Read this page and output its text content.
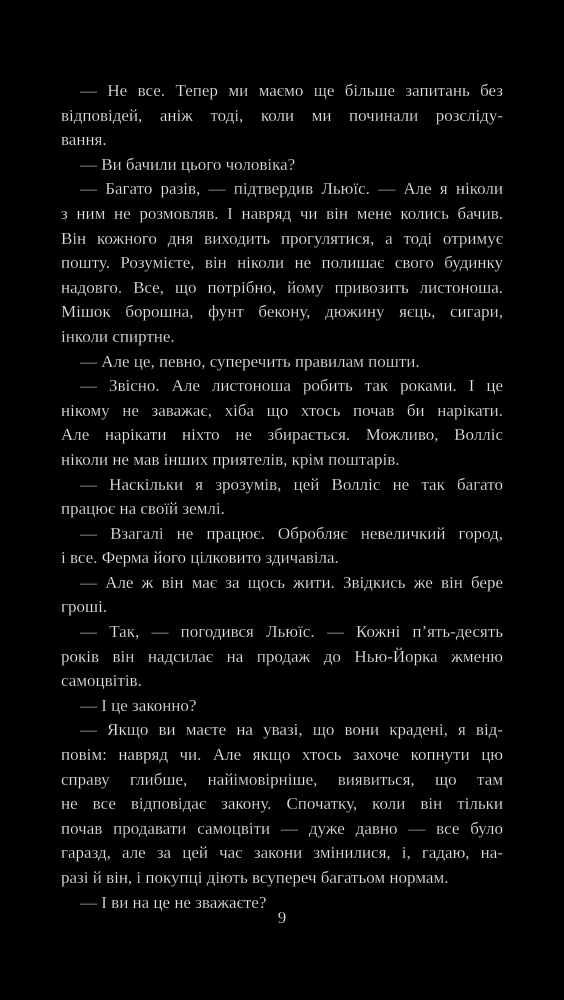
— Не все. Тепер ми маємо ще більше запитань без
відповідей, аніж тоді, коли ми починали розсліду-
вання.
— Ви бачили цього чоловіка?
— Багато разів, — підтвердив Льюїс. — Але я ніколи
з ним не розмовляв. І навряд чи він мене колись бачив.
Він кожного дня виходить прогулятися, а тоді отримує
пошту. Розумієте, він ніколи не полишає свого будинку
надовго. Все, що потрібно, йому привозить листоноша.
Мішок борошна, фунт бекону, дюжину яєць, сигари,
інколи спиртне.
— Але це, певно, суперечить правилам пошти.
— Звісно. Але листоноша робить так роками. І це
нікому не заважає, хіба що хтось почав би нарікати.
Але нарікати ніхто не збирається. Можливо, Волліс
ніколи не мав інших приятелів, крім поштарів.
— Наскільки я зрозумів, цей Волліс не так багато
працює на своїй землі.
— Взагалі не працює. Обробляє невеличкий город,
і все. Ферма його цілковито здичавіла.
— Але ж він має за щось жити. Звідкись же він бере
гроші.
— Так, — погодився Льюїс. — Кожні п’ять-десять
років він надсилає на продаж до Нью-Йорка жменю
самоцвітів.
— І це законно?
— Якщо ви маєте на увазі, що вони крадені, я від-
повім: навряд чи. Але якщо хтось захоче копнути цю
справу глибше, найімовірніше, виявиться, що там
не все відповідає закону. Спочатку, коли він тільки
почав продавати самоцвіти — дуже давно — все було
гаразд, але за цей час закони змінилися, і, гадаю, на-
разі й він, і покупці діють всупереч багатьом нормам.
— І ви на це не зважаєте?
9
